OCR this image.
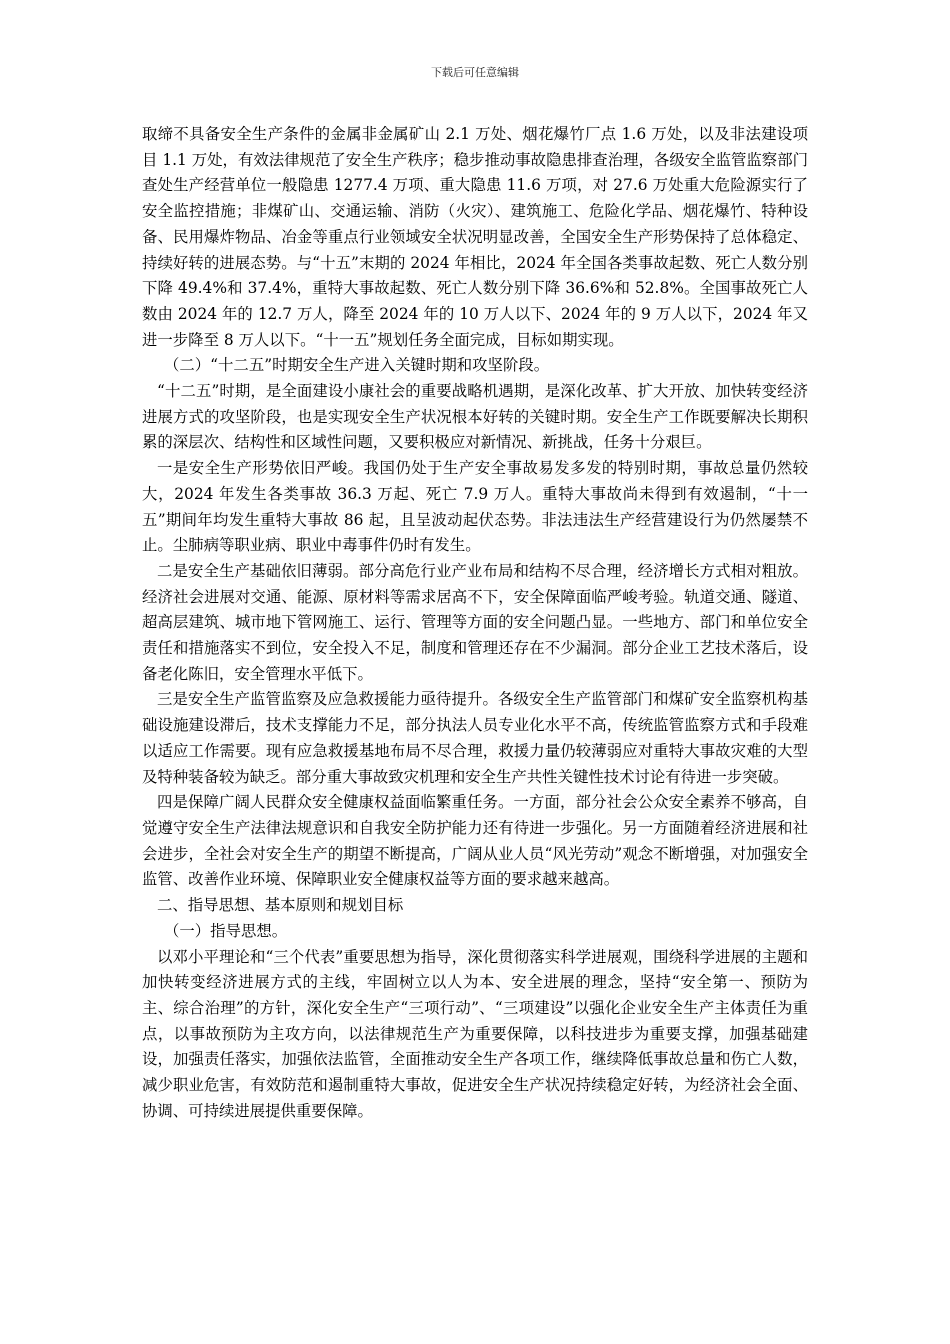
下载后可任意编辑

取缔不具备安全生产条件的金属非金属矿山 2.1 万处、烟花爆竹厂点 1.6 万处，以及非法建设项目 1.1 万处，有效法律规范了安全生产秩序；稳步推动事故隐患排查治理，各级安全监管监察部门查处生产经营单位一般隐患 1277.4 万项、重大隐患 11.6 万项，对 27.6 万处重大危险源实行了安全监控措施；非煤矿山、交通运输、消防（火灾）、建筑施工、危险化学品、烟花爆竹、特种设备、民用爆炸物品、冶金等重点行业领域安全状况明显改善，全国安全生产形势保持了总体稳定、持续好转的进展态势。与“十五”末期的 2024 年相比，2024 年全国各类事故起数、死亡人数分别下降 49.4%和 37.4%，重特大事故起数、死亡人数分别下降 36.6%和 52.8%。全国事故死亡人数由 2024 年的 12.7 万人，降至 2024 年的 10 万人以下、2024 年的 9 万人以下，2024 年又进一步降至 8 万人以下。“十一五”规划任务全面完成，目标如期实现。

（二）“十二五”时期安全生产进入关键时期和攻坚阶段。

“十二五”时期，是全面建设小康社会的重要战略机遇期，是深化改革、扩大开放、加快转变经济进展方式的攻坚阶段，也是实现安全生产状况根本好转的关键时期。安全生产工作既要解决长期积累的深层次、结构性和区域性问题，又要积极应对新情况、新挑战，任务十分艰巨。

一是安全生产形势依旧严峻。我国仍处于生产安全事故易发多发的特别时期，事故总量仍然较大，2024 年发生各类事故 36.3 万起、死亡 7.9 万人。重特大事故尚未得到有效遏制，“十一五”期间年均发生重特大事故 86 起，且呈波动起伏态势。非法违法生产经营建设行为仍然屡禁不止。尘肺病等职业病、职业中毒事件仍时有发生。

二是安全生产基础依旧薄弱。部分高危行业产业布局和结构不尽合理，经济增长方式相对粗放。经济社会进展对交通、能源、原材料等需求居高不下，安全保障面临严峻考验。轨道交通、隧道、超高层建筑、城市地下管网施工、运行、管理等方面的安全问题凸显。一些地方、部门和单位安全责任和措施落实不到位，安全投入不足，制度和管理还存在不少漏洞。部分企业工艺技术落后，设备老化陈旧，安全管理水平低下。

三是安全生产监管监察及应急救援能力亟待提升。各级安全生产监管部门和煤矿安全监察机构基础设施建设滞后，技术支撑能力不足，部分执法人员专业化水平不高，传统监管监察方式和手段难以适应工作需要。现有应急救援基地布局不尽合理，救援力量仍较薄弱应对重特大事故灾难的大型及特种装备较为缺乏。部分重大事故致灾机理和安全生产共性关键性技术讨论有待进一步突破。

四是保障广阔人民群众安全健康权益面临繁重任务。一方面，部分社会公众安全素养不够高，自觉遵守安全生产法律法规意识和自我安全防护能力还有待进一步强化。另一方面随着经济进展和社会进步，全社会对安全生产的期望不断提高，广阔从业人员“风光劳动”观念不断增强，对加强安全监管、改善作业环境、保障职业安全健康权益等方面的要求越来越高。

二、指导思想、基本原则和规划目标

（一）指导思想。

以邓小平理论和“三个代表”重要思想为指导，深化贯彻落实科学进展观，围绕科学进展的主题和加快转变经济进展方式的主线，牢固树立以人为本、安全进展的理念，坚持“安全第一、预防为主、综合治理”的方针，深化安全生产“三项行动”、“三项建设”以强化企业安全生产主体责任为重点，以事故预防为主攻方向，以法律规范生产为重要保障，以科技进步为重要支撑，加强基础建设，加强责任落实，加强依法监管，全面推动安全生产各项工作，继续降低事故总量和伤亡人数，减少职业危害，有效防范和遏制重特大事故，促进安全生产状况持续稳定好转，为经济社会全面、协调、可持续进展提供重要保障。
